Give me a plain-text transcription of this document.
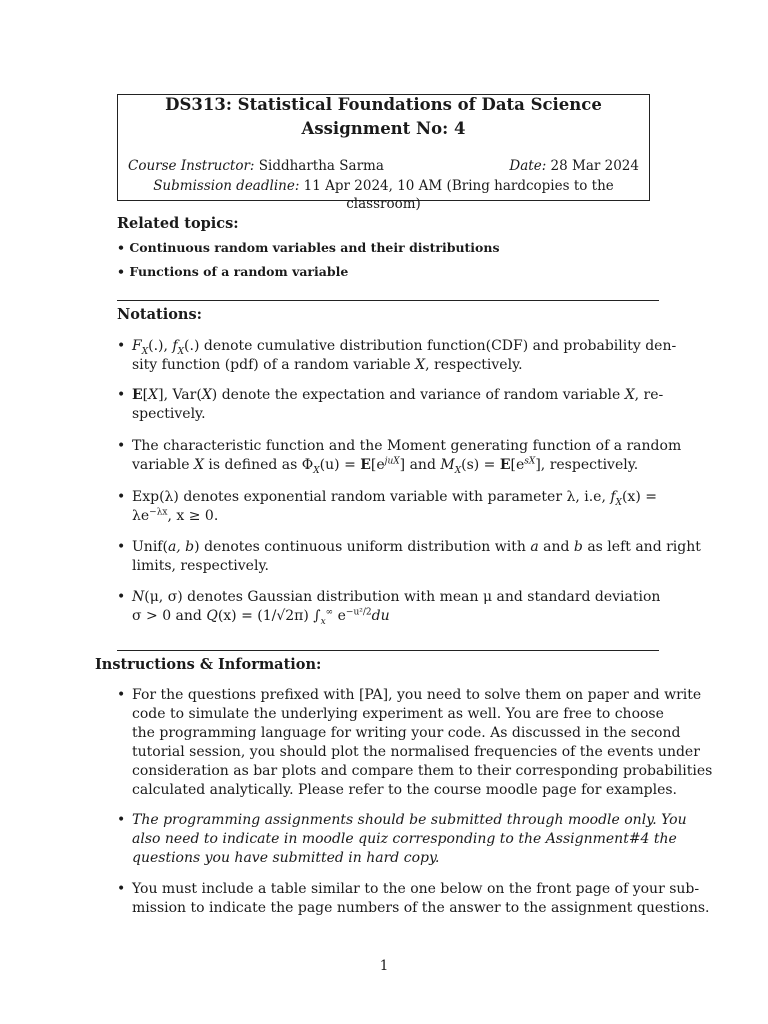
DS313: Statistical Foundations of Data Science
Assignment No: 4
Course Instructor: Siddhartha Sarma	Date: 28 Mar 2024
Submission deadline: 11 Apr 2024, 10 AM (Bring hardcopies to the classroom)
Related topics:
• Continuous random variables and their distributions
• Functions of a random variable
Notations:
• $F_X(.)$, $f_X(.)$ denote cumulative distribution function(CDF) and probability den-
sity function (pdf) of a random variable X, respectively.
• E[X], Var(X) denote the expectation and variance of random variable X, re-
spectively.
• The characteristic function and the Moment generating function of a random
variable X is defined as $\Phi_X(u) = E[e^{juX}]$ and $M_X(s) = E[e^{sX}]$, respectively.
• Exp(λ) denotes exponential random variable with parameter λ, i.e, $f_X(x)$ =
$\lambda e^{-\lambda x}$, x ≥ 0.
• Unif(a, b) denotes continuous uniform distribution with a and b as left and right
limits, respectively.
• N(μ, σ) denotes Gaussian distribution with mean μ and standard deviation
σ > 0 and Q(x) = (1/√2π) $\int_x^\infty$ $e^{-u^2/2}du$
Instructions & Information:
• For the questions prefixed with [PA], you need to solve them on paper and write
code to simulate the underlying experiment as well. You are free to choose
the programming language for writing your code. As discussed in the second
tutorial session, you should plot the normalised frequencies of the events under
consideration as bar plots and compare them to their corresponding probabilities
calculated analytically. Please refer to the course moodle page for examples.
• The programming assignments should be submitted through moodle only. You
also need to indicate in moodle quiz corresponding to the Assignment#4 the
questions you have submitted in hard copy.
• You must include a table similar to the one below on the front page of your sub-
mission to indicate the page numbers of the answer to the assignment questions.
1
